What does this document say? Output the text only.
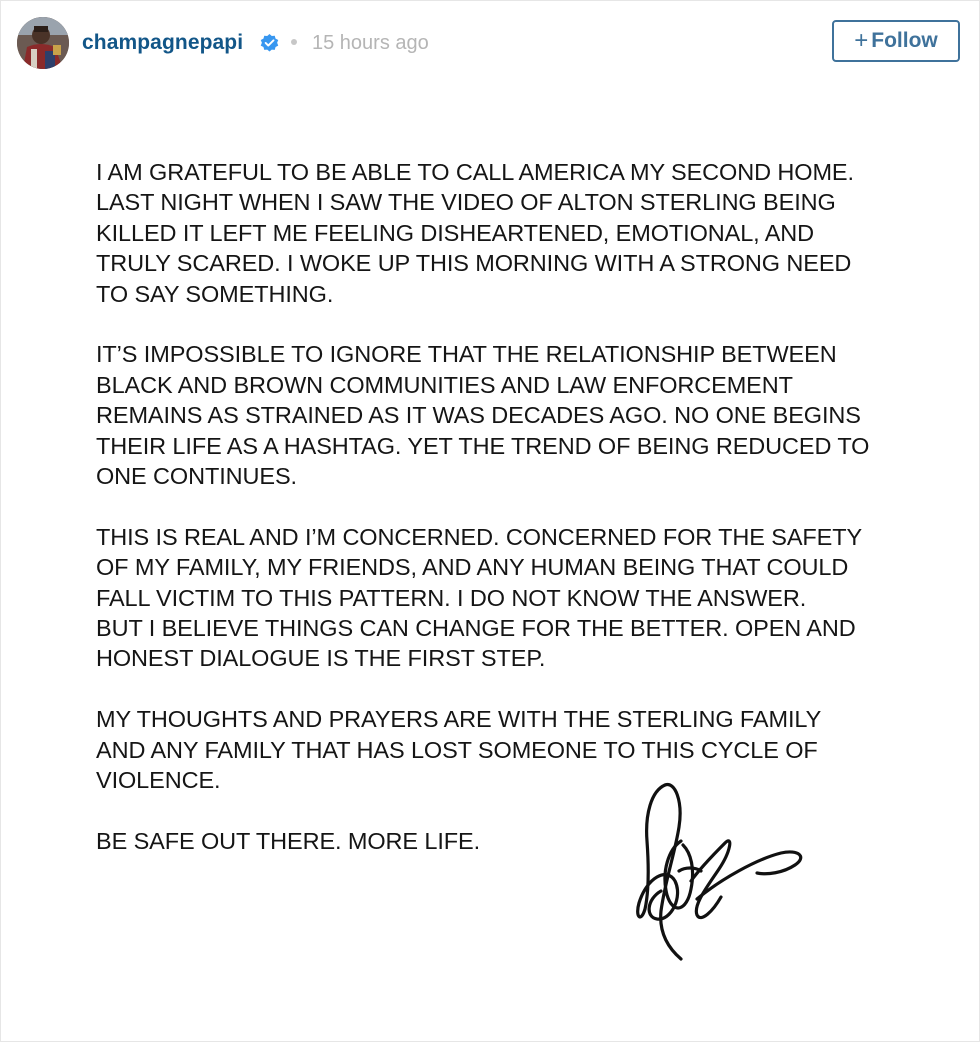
champagnepapi	15 hours ago	+ Follow

I AM GRATEFUL TO BE ABLE TO CALL AMERICA MY SECOND HOME.
LAST NIGHT WHEN I SAW THE VIDEO OF ALTON STERLING BEING
KILLED IT LEFT ME FEELING DISHEARTENED, EMOTIONAL, AND
TRULY SCARED. I WOKE UP THIS MORNING WITH A STRONG NEED
TO SAY SOMETHING.

IT’S IMPOSSIBLE TO IGNORE THAT THE RELATIONSHIP BETWEEN
BLACK AND BROWN COMMUNITIES AND LAW ENFORCEMENT
REMAINS AS STRAINED AS IT WAS DECADES AGO. NO ONE BEGINS
THEIR LIFE AS A HASHTAG. YET THE TREND OF BEING REDUCED TO
ONE CONTINUES.

THIS IS REAL AND I’M CONCERNED. CONCERNED FOR THE SAFETY
OF MY FAMILY, MY FRIENDS, AND ANY HUMAN BEING THAT COULD
FALL VICTIM TO THIS PATTERN. I DO NOT KNOW THE ANSWER.
BUT I BELIEVE THINGS CAN CHANGE FOR THE BETTER. OPEN AND
HONEST DIALOGUE IS THE FIRST STEP.

MY THOUGHTS AND PRAYERS ARE WITH THE STERLING FAMILY
AND ANY FAMILY THAT HAS LOST SOMEONE TO THIS CYCLE OF
VIOLENCE.

BE SAFE OUT THERE. MORE LIFE.
